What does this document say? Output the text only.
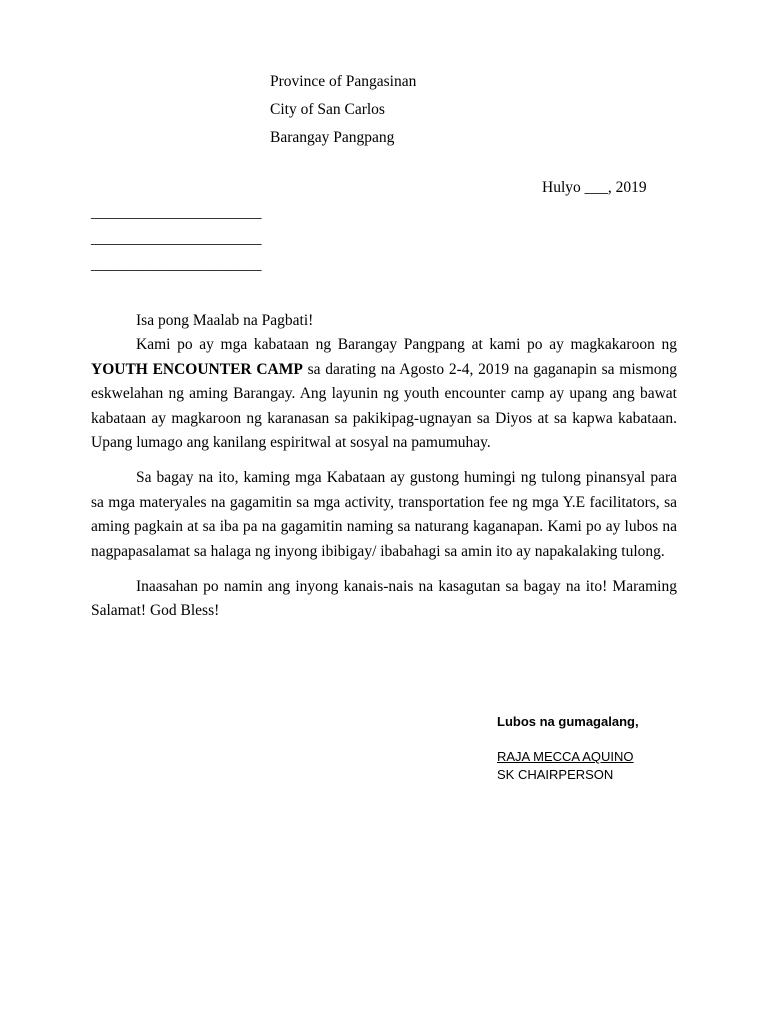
Province of Pangasinan
City of San Carlos
Barangay Pangpang
Hulyo ___, 2019
______________________
______________________
______________________

Isa pong Maalab na Pagbati!

Kami po ay mga kabataan ng Barangay Pangpang at kami po ay magkakaroon ng YOUTH ENCOUNTER CAMP sa darating na Agosto 2-4, 2019 na gaganapin sa mismong eskwelahan ng aming Barangay. Ang layunin ng youth encounter camp ay upang ang bawat kabataan ay magkaroon ng karanasan sa pakikipag-ugnayan sa Diyos at sa kapwa kabataan. Upang lumago ang kanilang espiritwal at sosyal na pamumuhay.

Sa bagay na ito, kaming mga Kabataan ay gustong humingi ng tulong pinansyal para sa mga materyales na gagamitin sa mga activity, transportation fee ng mga Y.E facilitators, sa aming pagkain at sa iba pa na gagamitin naming sa naturang kaganapan. Kami po ay lubos na nagpapasalamat sa halaga ng inyong ibibigay/ ibabahagi sa amin ito ay napakalaking tulong.

Inaasahan po namin ang inyong kanais-nais na kasagutan sa bagay na ito! Maraming Salamat! God Bless!

Lubos na gumagalang,
RAJA MECCA AQUINO
SK CHAIRPERSON
